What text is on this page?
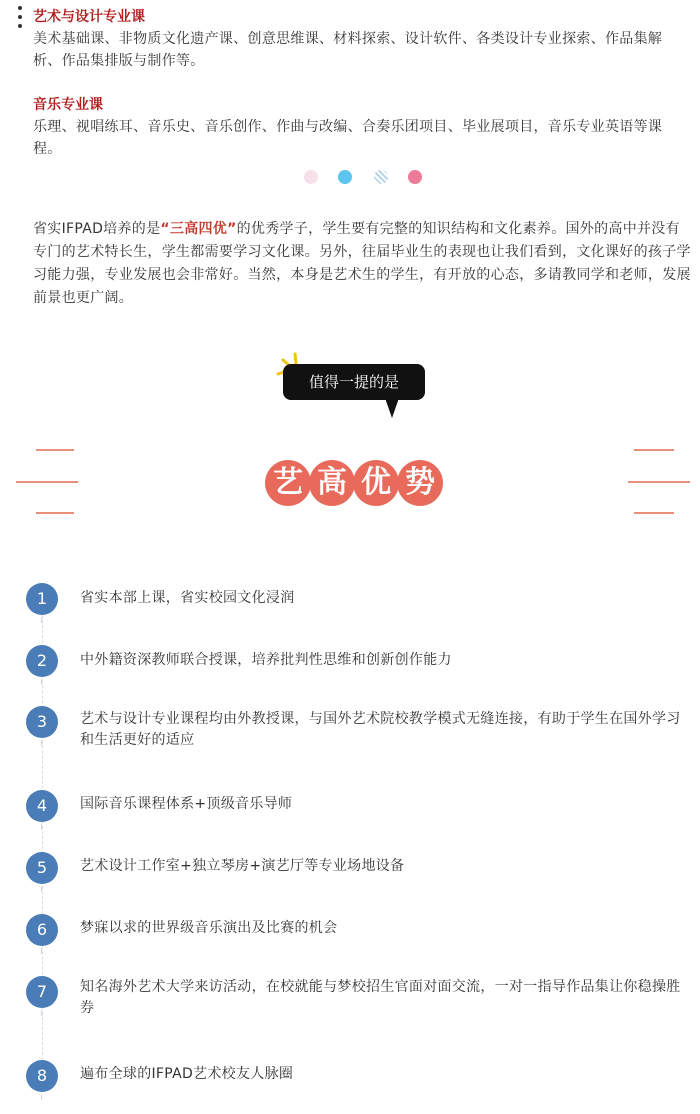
艺术与设计专业课
美术基础课、非物质文化遗产课、创意思维课、材料探索、设计软件、各类设计专业探索、作品集解析、作品集排版与制作等。
音乐专业课
乐理、视唱练耳、音乐史、音乐创作、作曲与改编、合奏乐团项目、毕业展项目，音乐专业英语等课程。
省实IFPAD培养的是“三高四优”的优秀学子，学生要有完整的知识结构和文化素养。国外的高中并没有专门的艺术特长生，学生都需要学习文化课。另外，往届毕业生的表现也让我们看到，文化课好的孩子学习能力强，专业发展也会非常好。当然，本身是艺术生的学生，有开放的心态，多请教同学和老师，发展前景也更广阔。
值得一提的是
艺 高 优 势
1	省实本部上课，省实校园文化浸润
2	中外籍资深教师联合授课，培养批判性思维和创新创作能力
3	艺术与设计专业课程均由外教授课，与国外艺术院校教学模式无缝连接，有助于学生在国外学习和生活更好的适应
4	国际音乐课程体系+顶级音乐导师
5	艺术设计工作室+独立琴房+演艺厅等专业场地设备
6	梦寐以求的世界级音乐演出及比赛的机会
7	知名海外艺术大学来访活动，在校就能与梦校招生官面对面交流，一对一指导作品集让你稳操胜券
8	遍布全球的IFPAD艺术校友人脉圈
